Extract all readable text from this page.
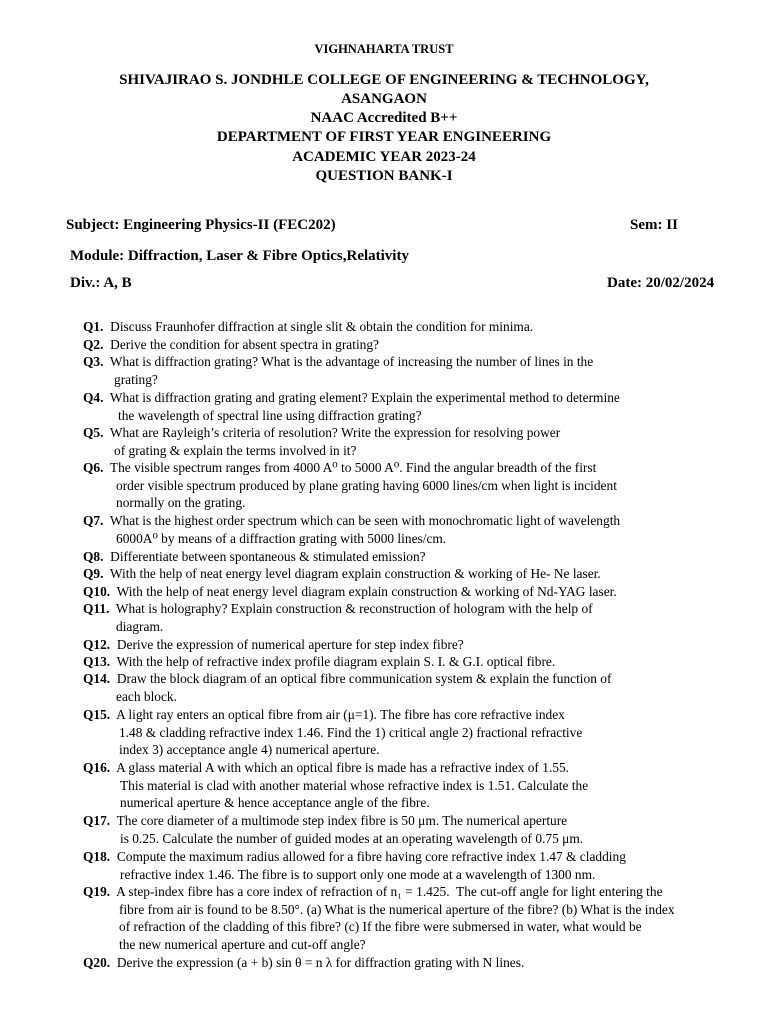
VIGHNAHARTA TRUST
SHIVAJIRAO S. JONDHLE COLLEGE OF ENGINEERING & TECHNOLOGY,
ASANGAON
NAAC Accredited B++
DEPARTMENT OF FIRST YEAR ENGINEERING
ACADEMIC YEAR 2023-24
QUESTION BANK-I
Subject: Engineering Physics-II (FEC202)	Sem: II
Module: Diffraction, Laser & Fibre Optics,Relativity
Div.: A, B	Date: 20/02/2024
Q1.  Discuss Fraunhofer diffraction at single slit & obtain the condition for minima.
Q2.  Derive the condition for absent spectra in grating?
Q3.  What is diffraction grating? What is the advantage of increasing the number of lines in the
grating?
Q4.  What is diffraction grating and grating element? Explain the experimental method to determine
the wavelength of spectral line using diffraction grating?
Q5.  What are Rayleigh’s criteria of resolution? Write the expression for resolving power
of grating & explain the terms involved in it?
Q6.  The visible spectrum ranges from 4000 A⁰ to 5000 A⁰. Find the angular breadth of the first
order visible spectrum produced by plane grating having 6000 lines/cm when light is incident
normally on the grating.
Q7.  What is the highest order spectrum which can be seen with monochromatic light of wavelength
6000A⁰ by means of a diffraction grating with 5000 lines/cm.
Q8.  Differentiate between spontaneous & stimulated emission?
Q9.  With the help of neat energy level diagram explain construction & working of He- Ne laser.
Q10.  With the help of neat energy level diagram explain construction & working of Nd-YAG laser.
Q11.  What is holography? Explain construction & reconstruction of hologram with the help of
diagram.
Q12.  Derive the expression of numerical aperture for step index fibre?
Q13.  With the help of refractive index profile diagram explain S. I. & G.I. optical fibre.
Q14.  Draw the block diagram of an optical fibre communication system & explain the function of
each block.
Q15.  A light ray enters an optical fibre from air (μ=1). The fibre has core refractive index
1.48 & cladding refractive index 1.46. Find the 1) critical angle 2) fractional refractive
index 3) acceptance angle 4) numerical aperture.
Q16.  A glass material A with which an optical fibre is made has a refractive index of 1.55.
This material is clad with another material whose refractive index is 1.51. Calculate the
numerical aperture & hence acceptance angle of the fibre.
Q17.  The core diameter of a multimode step index fibre is 50 μm. The numerical aperture
is 0.25. Calculate the number of guided modes at an operating wavelength of 0.75 μm.
Q18.  Compute the maximum radius allowed for a fibre having core refractive index 1.47 & cladding
refractive index 1.46. The fibre is to support only one mode at a wavelength of 1300 nm.
Q19.  A step-index fibre has a core index of refraction of n₁ = 1.425.  The cut-off angle for light entering the
fibre from air is found to be 8.50°. (a) What is the numerical aperture of the fibre? (b) What is the index
of refraction of the cladding of this fibre? (c) If the fibre were submersed in water, what would be
the new numerical aperture and cut-off angle?
Q20.  Derive the expression (a + b) sin θ = n λ for diffraction grating with N lines.
